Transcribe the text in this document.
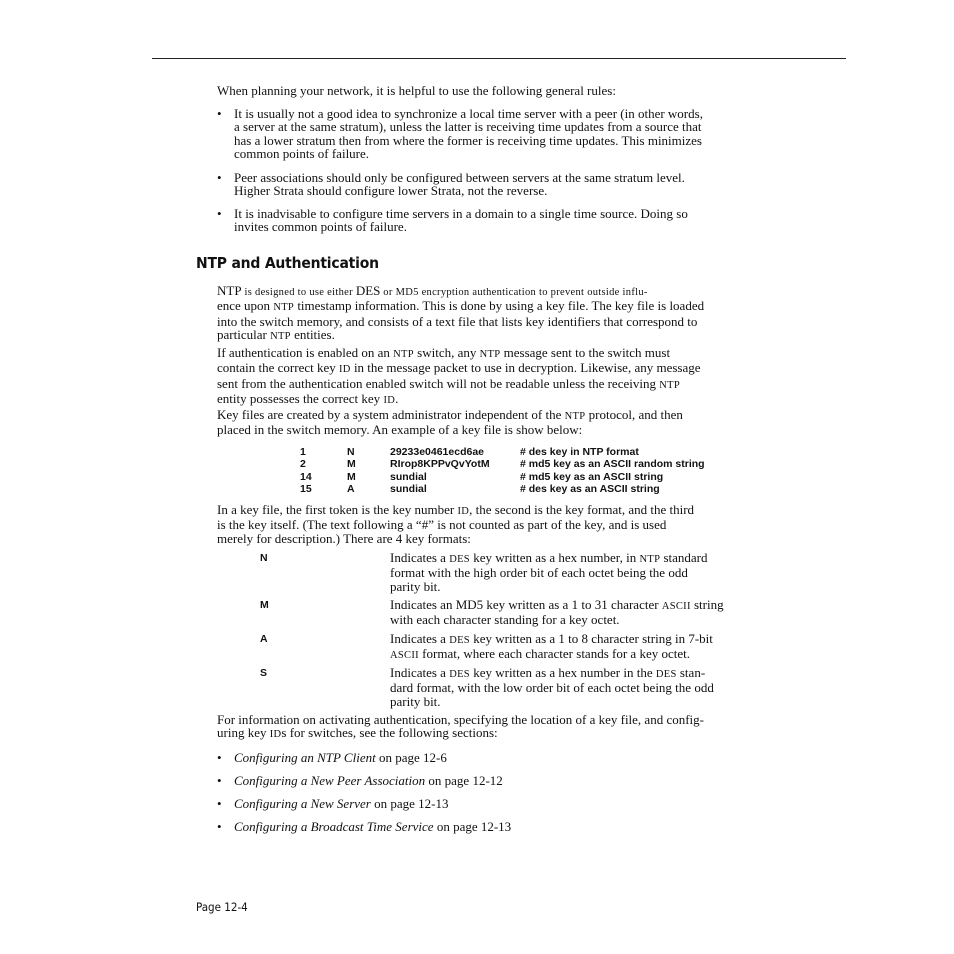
When planning your network, it is helpful to use the following general rules:
• It is usually not a good idea to synchronize a local time server with a peer (in other words,
a server at the same stratum), unless the latter is receiving time updates from a source that
has a lower stratum then from where the former is receiving time updates. This minimizes
common points of failure.
• Peer associations should only be configured between servers at the same stratum level.
Higher Strata should configure lower Strata, not the reverse.
• It is inadvisable to configure time servers in a domain to a single time source. Doing so
invites common points of failure.
NTP and Authentication
NTP is designed to use either DES or MD5 encryption authentication to prevent outside influ-
ence upon NTP timestamp information. This is done by using a key file. The key file is loaded
into the switch memory, and consists of a text file that lists key identifiers that correspond to
particular NTP entities.
If authentication is enabled on an NTP switch, any NTP message sent to the switch must
contain the correct key ID in the message packet to use in decryption. Likewise, any message
sent from the authentication enabled switch will not be readable unless the receiving NTP
entity possesses the correct key ID.
Key files are created by a system administrator independent of the NTP protocol, and then
placed in the switch memory. An example of a key file is show below:
1	N	29233e0461ecd6ae	# des key in NTP format
2	M	RIrop8KPPvQvYotM	# md5 key as an ASCII random string
14	M	sundial	# md5 key as an ASCII string
15	A	sundial	# des key as an ASCII string
In a key file, the first token is the key number ID, the second is the key format, and the third
is the key itself. (The text following a “#” is not counted as part of the key, and is used
merely for description.) There are 4 key formats:
N	Indicates a DES key written as a hex number, in NTP standard
format with the high order bit of each octet being the odd
parity bit.
M	Indicates an MD5 key written as a 1 to 31 character ASCII string
with each character standing for a key octet.
A	Indicates a DES key written as a 1 to 8 character string in 7-bit
ASCII format, where each character stands for a key octet.
S	Indicates a DES key written as a hex number in the DES stan-
dard format, with the low order bit of each octet being the odd
parity bit.
For information on activating authentication, specifying the location of a key file, and config-
uring key IDs for switches, see the following sections:
• Configuring an NTP Client on page 12-6
• Configuring a New Peer Association on page 12-12
• Configuring a New Server on page 12-13
• Configuring a Broadcast Time Service on page 12-13
Page 12-4
